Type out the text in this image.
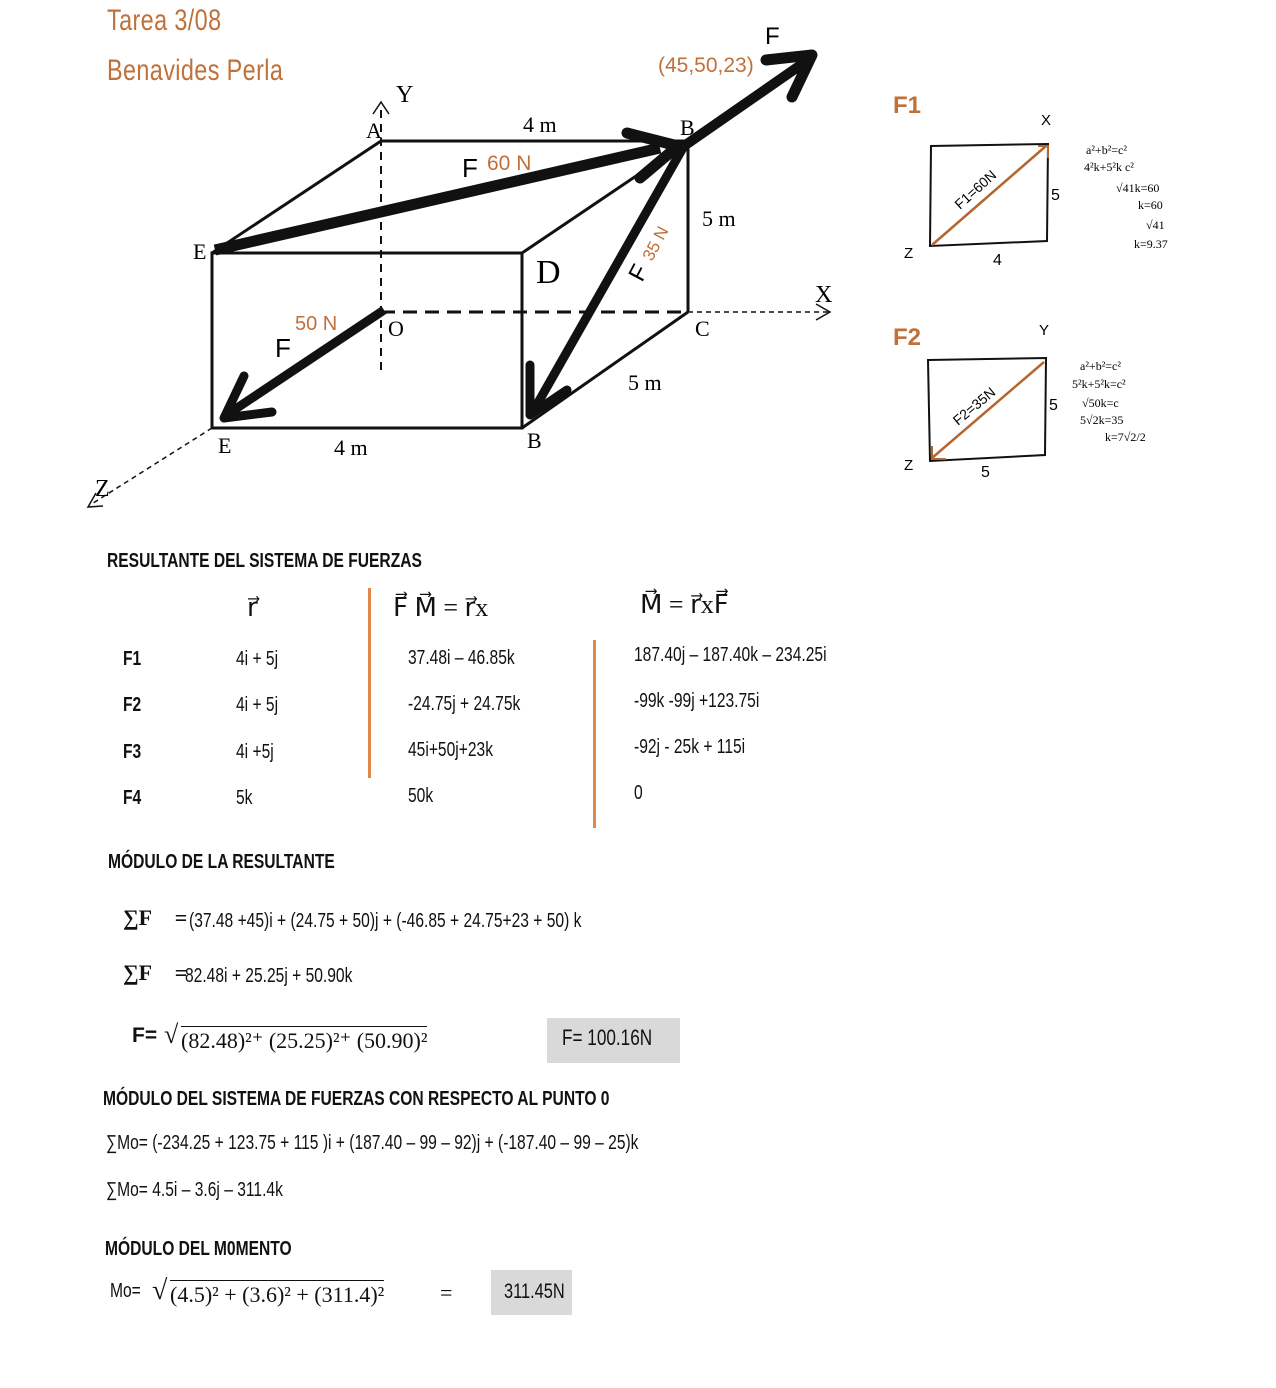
Tarea 3/08
Benavides Perla
A	B
E
D
O	C
E	B
Y
X
Z
4 m
4 m
5 m
5 m
F 60 N
F
35 N
F
(45,50,23)
F
50 N
F1
F1=60N	5
4
X
Z
a²+b²=c²
4²k+5²k c²
√41k=60
k=60
√41
k=9.37
F2
F2=35N	5
5
Y
Z
a²+b²=c²
5²k+5²k=c²
√50k=c
5√2k=35
k=7√2/2
RESULTANTE DEL SISTEMA DE FUERZAS
r⃗	F⃗ M⃗ = r⃗x	M⃗ = r⃗xF⃗
F1	4i + 5j	37.48i – 46.85k	187.40j – 187.40k – 234.25i
F2	4i + 5j	-24.75j + 24.75k	-99k -99j +123.75i
F3	4i +5j	45i+50j+23k	-92j - 25k + 115i
F4	5k	50k	0
MÓDULO DE LA RESULTANTE
∑F⃗ = (37.48 +45)i + (24.75 + 50)j + (-46.85 + 24.75+23 + 50) k
∑F⃗ =
82.48i + 25.25j + 50.90k
F= √ (82.48)²⁺ (25.25)²⁺ (50.90)²	F= 100.16N
MÓDULO DEL SISTEMA DE FUERZAS CON RESPECTO AL PUNTO 0
∑Mo= (-234.25 + 123.75 + 115 )i + (187.40 – 99 – 92)j + (-187.40 – 99 – 25)k
∑Mo= 4.5i – 3.6j – 311.4k
MÓDULO DEL M0MENTO
Mo= √ (4.5)² + (3.6)² + (311.4)²	= 311.45N
